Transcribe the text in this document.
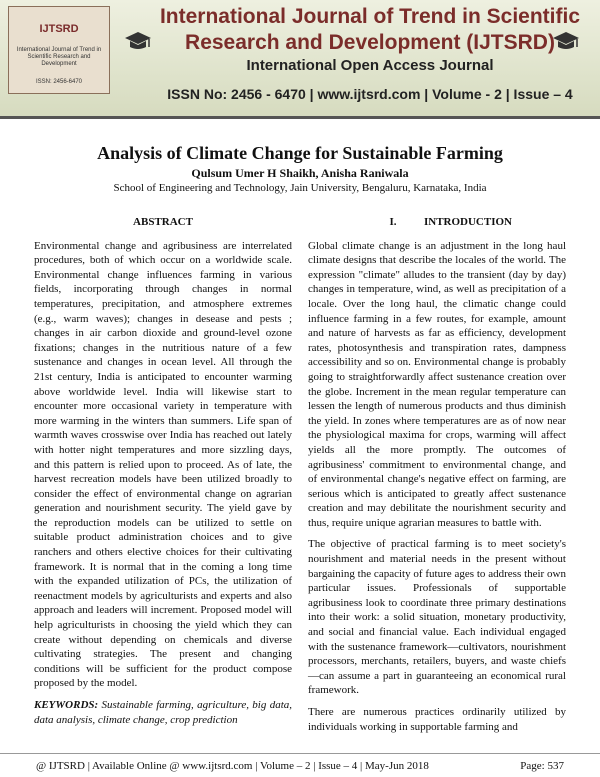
IJTSRD
International Journal of Trend in Scientific Research and Development
ISSN: 2456-6470
International Journal of Trend in Scientific
Research and Development (IJTSRD)
International Open Access Journal
ISSN No: 2456 - 6470 | www.ijtsrd.com | Volume - 2 | Issue – 4
Analysis of Climate Change for Sustainable Farming
Qulsum Umer H Shaikh, Anisha Raniwala
School of Engineering and Technology, Jain University, Bengaluru, Karnataka, India
ABSTRACT
Environmental change and agribusiness are interrelated procedures, both of which occur on a worldwide scale. Environmental change influences farming in various fields, incorporating through changes in normal temperatures, precipitation, and atmosphere extremes (e.g., warm waves); changes in desease and pests ; changes in air carbon dioxide and ground-level ozone fixations; changes in the nutritious nature of a few sustenance and changes in ocean level. All through the 21st century, India is anticipated to encounter warming above worldwide level. India will likewise start to encounter more occasional variety in temperature with more warming in the winters than summers. Life span of warmth waves crosswise over India has reached out lately with hotter night temperatures and more sizzling days, and this pattern is relied upon to proceed. As of late, the harvest recreation models have been utilized broadly to consider the effect of environmental change on agrarian generation and nourishment security. The yield gave by the reproduction models can be utilized to settle on suitable product administration choices and to give ranchers and others elective choices for their cultivating framework. It is normal that in the coming a long time with the expanded utilization of PCs, the utilization of reenactment models by agriculturists and experts and also approach and leaders will increment. Proposed model will help agriculturists in choosing the yield which they can create without depending on chemicals and diverse cultivating strategies. The present and changing conditions will be sufficient for the product compose proposed by the model.
KEYWORDS: Sustainable farming, agriculture, big data, data analysis, climate change, crop prediction
I. INTRODUCTION
Global climate change is an adjustment in the long haul climate designs that describe the locales of the world. The expression "climate" alludes to the transient (day by day) changes in temperature, wind, as well as precipitation of a locale. Over the long haul, the climatic change could influence farming in a few routes, for example, amount and nature of harvests as far as efficiency, development rates, photosynthesis and transpiration rates, dampness accessibility and so on. Environmental change is probably going to straightforwardly affect sustenance creation over the globe. Increment in the mean regular temperature can lessen the length of numerous products and thus diminish the yield. In zones where temperatures are as of now near the physiological maxima for crops, warming will affect yields all the more promptly. The outcomes of agribusiness' commitment to environmental change, and of environmental change's negative effect on farming, are serious which is anticipated to greatly affect sustenance creation and may debilitate the nourishment security and thus, require unique agrarian measures to battle with.
The objective of practical farming is to meet society's nourishment and material needs in the present without bargaining the capacity of future ages to address their own particular issues. Professionals of supportable agribusiness look to coordinate three primary destinations into their work: a solid situation, monetary productivity, and social and financial value. Each individual engaged with the sustenance framework—cultivators, nourishment processors, merchants, retailers, buyers, and waste chiefs—can assume a part in guaranteeing an economical rural framework.
There are numerous practices ordinarily utilized by individuals working in supportable farming and
@ IJTSRD | Available Online @ www.ijtsrd.com | Volume – 2 | Issue – 4 | May-Jun 2018	Page: 537
